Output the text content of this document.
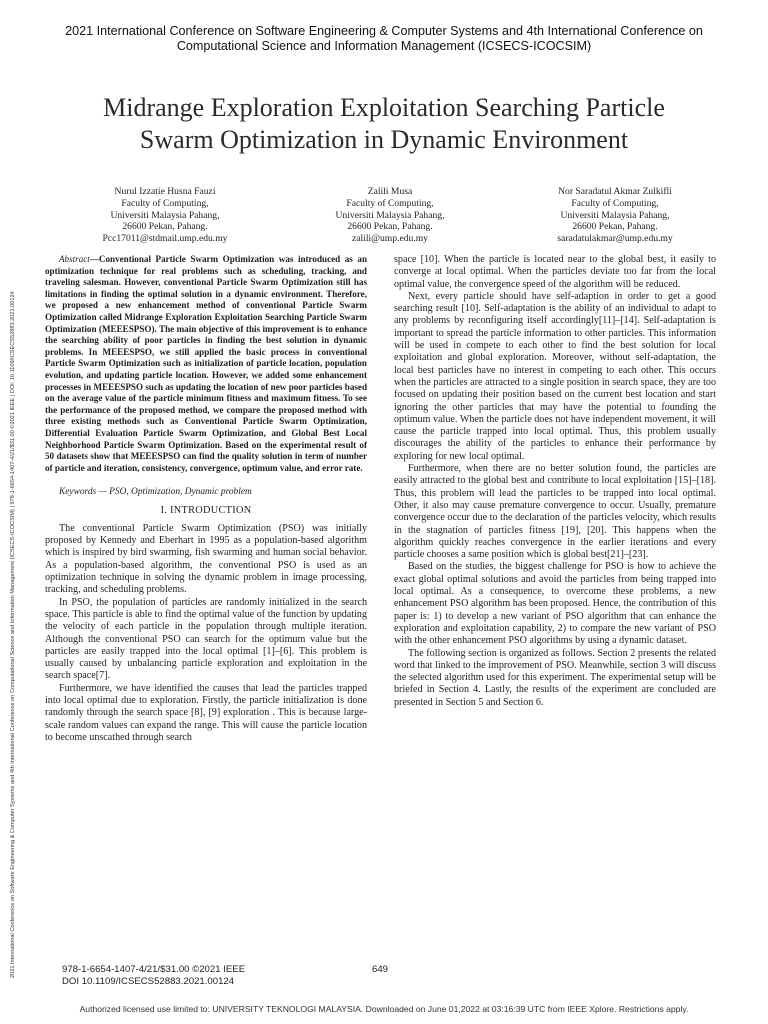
2021 International Conference on Software Engineering & Computer Systems and 4th International Conference on
Computational Science and Information Management (ICSECS-ICOCSIM)
2021 International Conference on Software Engineering & Computer Systems and 4th International Conference on Computational Science and Information Management (ICSECS-ICOCSIM) | 978-1-6654-1407-4/21/$31.00 ©2021 IEEE | DOI: 10.1109/ICSECS52883.2021.00124
Midrange Exploration Exploitation Searching Particle Swarm Optimization in Dynamic Environment
Nurul Izzatie Husna Fauzi
Faculty of Computing,
Universiti Malaysia Pahang,
26600 Pekan, Pahang.
Pcc17011@stdmail.ump.edu.my
Zalili Musa
Faculty of Computing,
Universiti Malaysia Pahang,
26600 Pekan, Pahang.
zalili@ump.edu.my
Nor Saradatul Akmar Zulkifli
Faculty of Computing,
Universiti Malaysia Pahang,
26600 Pekan, Pahang.
saradatulakmar@ump.edu.my

Abstract—Conventional Particle Swarm Optimization was introduced as an optimization technique for real problems such as scheduling, tracking, and traveling salesman. However, conventional Particle Swarm Optimization still has limitations in finding the optimal solution in a dynamic environment. Therefore, we proposed a new enhancement method of conventional Particle Swarm Optimization called Midrange Exploration Exploitation Searching Particle Swarm Optimization (MEEESPSO). The main objective of this improvement is to enhance the searching ability of poor particles in finding the best solution in dynamic problems. In MEEESPSO, we still applied the basic process in conventional Particle Swarm Optimization such as initialization of particle location, population evolution, and updating particle location. However, we added some enhancement processes in MEEESPSO such as updating the location of new poor particles based on the average value of the particle minimum fitness and maximum fitness. To see the performance of the proposed method, we compare the proposed method with three existing methods such as Conventional Particle Swarm Optimization, Differential Evaluation Particle Swarm Optimization, and Global Best Local Neighborhood Particle Swarm Optimization. Based on the experimental result of 50 datasets show that MEEESPSO can find the quality solution in term of number of particle and iteration, consistency, convergence, optimum value, and error rate.

Keywords — PSO, Optimization, Dynamic problem

I. INTRODUCTION

The conventional Particle Swarm Optimization (PSO) was initially proposed by Kennedy and Eberhart in 1995 as a population-based algorithm which is inspired by bird swarming, fish swarming and human social behavior. As a population-based algorithm, the conventional PSO is used as an optimization technique in solving the dynamic problem in image processing, tracking, and scheduling problems.

In PSO, the population of particles are randomly initialized in the search space. This particle is able to find the optimal value of the function by updating the velocity of each particle in the population through multiple iteration. Although the conventional PSO can search for the optimum value but the particles are easily trapped into the local optimal [1]–[6]. This problem is usually caused by unbalancing particle exploration and exploitation in the search space[7].

Furthermore, we have identified the causes that lead the particles trapped into local optimal due to exploration. Firstly, the particle initialization is done randomly through the search space [8], [9] exploration . This is because large-scale random values can expand the range. This will cause the particle location to become unscathed through search

space [10]. When the particle is located near to the global best, it easily to converge at local optimal. When the particles deviate too far from the local optimal value, the convergence speed of the algorithm will be reduced.

Next, every particle should have self-adaption in order to get a good searching result [10]. Self-adaptation is the ability of an individual to adapt to any problems by reconfiguring itself accordingly[11]–[14]. Self-adaptation is important to spread the particle information to other particles. This information will be used in compete to each other to find the best solution for local exploitation and global exploration. Moreover, without self-adaptation, the local best particles have no interest in competing to each other. This occurs when the particles are attracted to a single position in search space, they are too focused on updating their position based on the current best location and start ignoring the other particles that may have the potential to founding the optimum value. When the particle does not have independent movement, it will cause the particle trapped into local optimal. Thus, this problem usually discourages the ability of the particles to enhance their performance by exploring for new local optimal.

Furthermore, when there are no better solution found, the particles are easily attracted to the global best and contribute to local exploitation [15]–[18]. Thus, this problem will lead the particles to be trapped into local optimal. Other, it also may cause premature convergence to occur. Usually, premature convergence occur due to the declaration of the particles velocity, which results in the stagnation of particles fitness [19], [20]. This happens when the algorithm quickly reaches convergence in the earlier iterations and every particle chooses a same position which is global best[21]–[23].

Based on the studies, the biggest challenge for PSO is how to achieve the exact global optimal solutions and avoid the particles from being trapped into local optimal. As a consequence, to overcome these problems, a new enhancement PSO algorithm has been proposed. Hence, the contribution of this paper is: 1) to develop a new variant of PSO algorithm that can enhance the exploration and exploitation capability, 2) to compare the new variant of PSO with the other enhancement PSO algorithms by using a dynamic dataset.

The following section is organized as follows. Section 2 presents the related word that linked to the improvement of PSO. Meanwhile, section 3 will discuss the selected algorithm used for this experiment. The experimental setup will be briefed in Section 4. Lastly, the results of the experiment are concluded are presented in Section 5 and Section 6.

978-1-6654-1407-4/21/$31.00 ©2021 IEEE
DOI 10.1109/ICSECS52883.2021.00124
649
Authorized licensed use limited to: UNIVERSITY TEKNOLOGI MALAYSIA. Downloaded on June 01,2022 at 03:16:39 UTC from IEEE Xplore. Restrictions apply.
